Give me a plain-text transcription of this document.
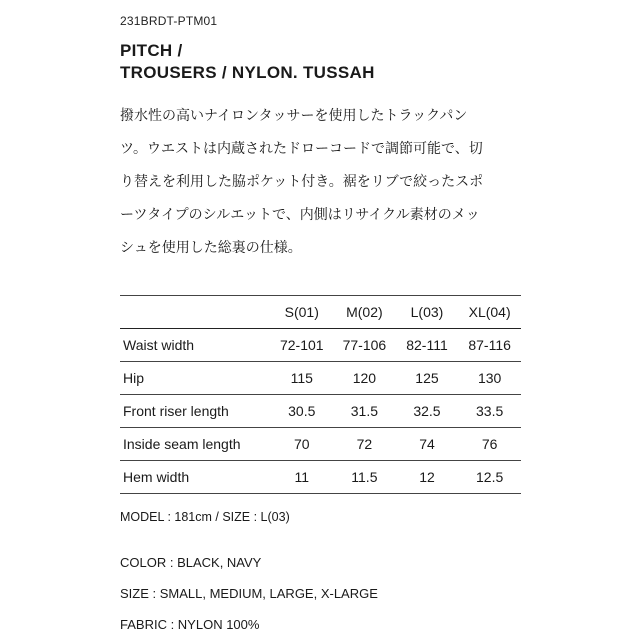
231BRDT-PTM01
PITCH /
TROUSERS / NYLON. TUSSAH
撥水性の高いナイロンタッサーを使用したトラックパン
ツ。ウエストは内蔵されたドローコードで調節可能で、切
り替えを利用した脇ポケット付き。裾をリブで絞ったスポ
ーツタイプのシルエットで、内側はリサイクル素材のメッ
シュを使用した総裏の仕様。
	S(01)	M(02)	L(03)	XL(04)
Waist width	72-101	77-106	82-111	87-116
Hip	115	120	125	130
Front riser length	30.5	31.5	32.5	33.5
Inside seam length	70	72	74	76
Hem width	11	11.5	12	12.5
MODEL : 181cm / SIZE : L(03)
COLOR : BLACK, NAVY
SIZE : SMALL, MEDIUM, LARGE, X-LARGE
FABRIC : NYLON 100%
